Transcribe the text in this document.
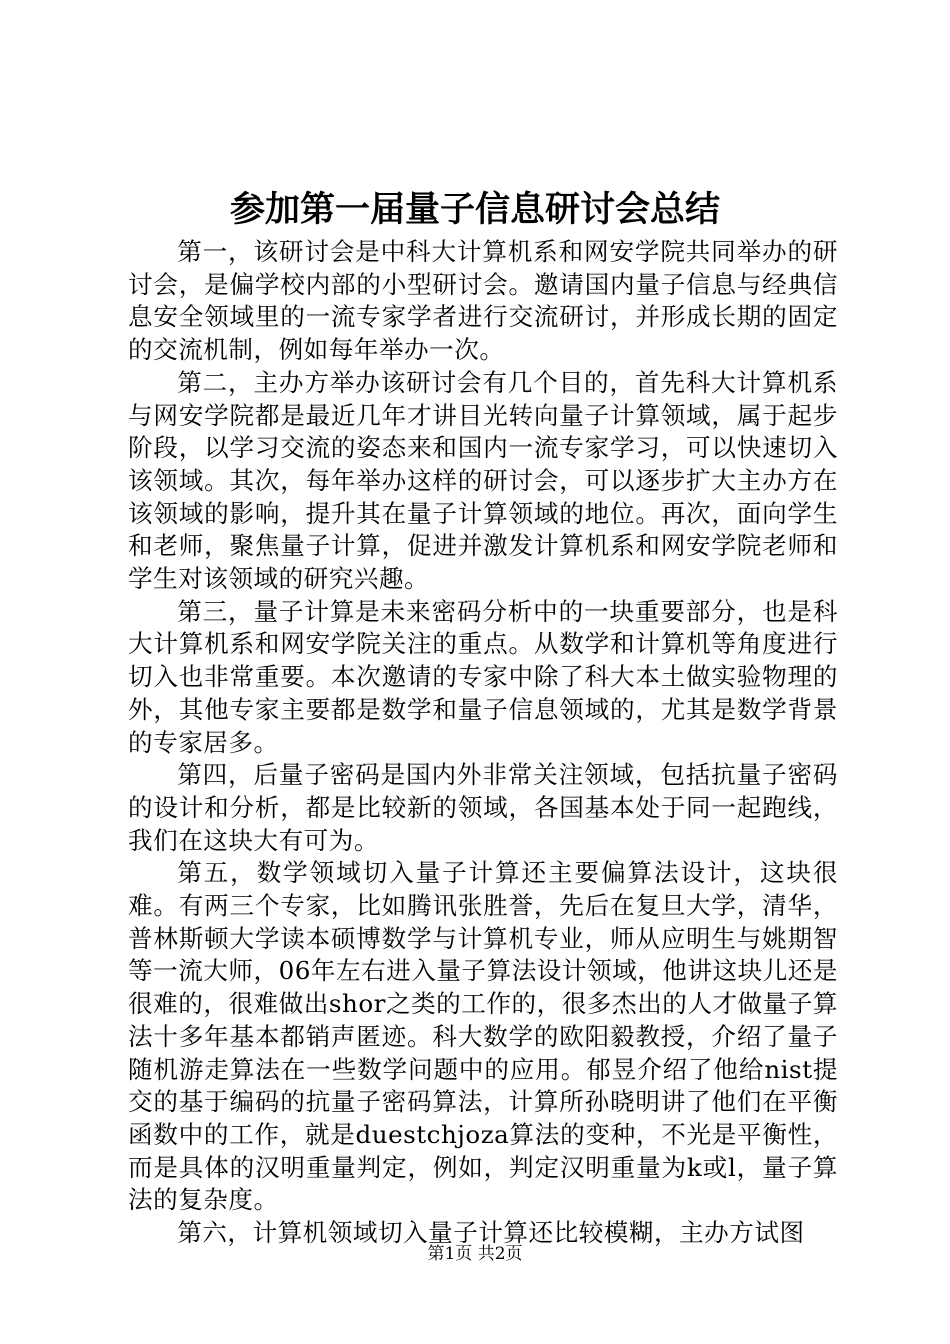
参加第一届量子信息研讨会总结

第一，该研讨会是中科大计算机系和网安学院共同举办的研讨会，是偏学校内部的小型研讨会。邀请国内量子信息与经典信息安全领域里的一流专家学者进行交流研讨，并形成长期的固定的交流机制，例如每年举办一次。

第二，主办方举办该研讨会有几个目的，首先科大计算机系与网安学院都是最近几年才讲目光转向量子计算领域，属于起步阶段，以学习交流的姿态来和国内一流专家学习，可以快速切入该领域。其次，每年举办这样的研讨会，可以逐步扩大主办方在该领域的影响，提升其在量子计算领域的地位。再次，面向学生和老师，聚焦量子计算，促进并激发计算机系和网安学院老师和学生对该领域的研究兴趣。

第三，量子计算是未来密码分析中的一块重要部分，也是科大计算机系和网安学院关注的重点。从数学和计算机等角度进行切入也非常重要。本次邀请的专家中除了科大本土做实验物理的外，其他专家主要都是数学和量子信息领域的，尤其是数学背景的专家居多。

第四，后量子密码是国内外非常关注领域，包括抗量子密码的设计和分析，都是比较新的领域，各国基本处于同一起跑线，我们在这块大有可为。

第五，数学领域切入量子计算还主要偏算法设计，这块很难。有两三个专家，比如腾讯张胜誉，先后在复旦大学，清华，普林斯顿大学读本硕博数学与计算机专业，师从应明生与姚期智等一流大师，06年左右进入量子算法设计领域，他讲这块儿还是很难的，很难做出shor之类的工作的，很多杰出的人才做量子算法十多年基本都销声匿迹。科大数学的欧阳毅教授，介绍了量子随机游走算法在一些数学问题中的应用。郁昱介绍了他给nist提交的基于编码的抗量子密码算法，计算所孙晓明讲了他们在平衡函数中的工作，就是duestchjoza算法的变种，不光是平衡性，而是具体的汉明重量判定，例如，判定汉明重量为k或l，量子算法的复杂度。

第六，计算机领域切入量子计算还比较模糊，主办方试图

第1页 共2页
